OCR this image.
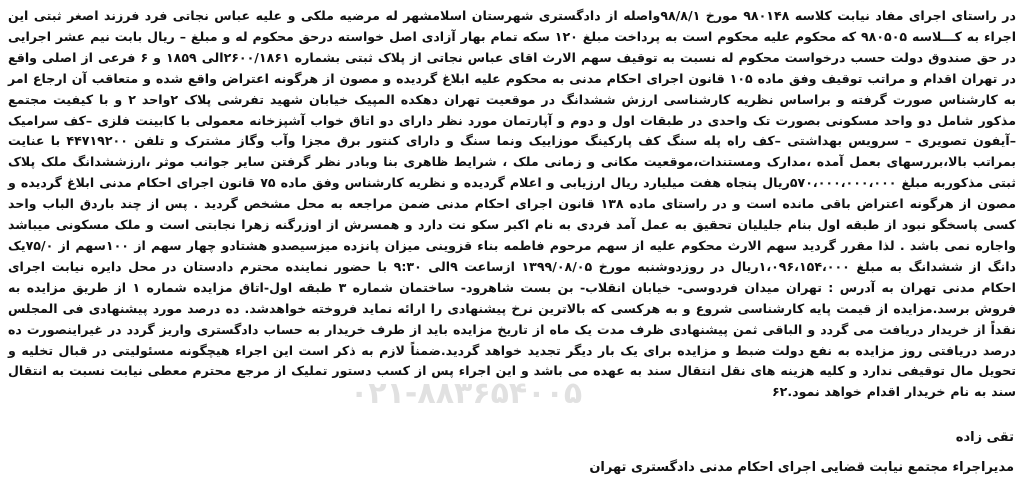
در راستای اجرای مفاد نیابت کلاسه ۹۸۰۱۴۸ مورخ ۹۸/۸/۱واصله از دادگستری شهرستان اسلامشهر له مرضیه ملکی و علیه عباس نجاتی فرد فرزند اصغر ثبتی این اجراء به کـــلاسه ۹۸۰۵۰۵ که محکوم علیه محکوم است به پرداخت مبلغ ۱۲۰ سکه تمام بهار آزادی اصل خواسته درحق محکوم له و مبلغ – ریال بابت نیم عشر اجرایی در حق صندوق دولت حسب درخواست محکوم له نسبت به توقیف سهم الارث اقای عباس نجاتی از پلاک ثبتی بشماره ۲۶۰۰/۱۸۶۱الی ۱۸۵۹ و ۶ فرعی از اصلی واقع در تهران اقدام و مراتب توقیف وفق ماده ۱۰۵ قانون اجرای احکام مدنی به محکوم علیه ابلاغ گردیده و مصون از هرگونه اعتراض واقع شده و متعاقب آن ارجاع امر به کارشناس صورت گرفته و براساس نظریه کارشناسی ارزش ششدانگ در موقعیت تهران دهکده المپیک خیابان شهید تفرشی پلاک ۲واحد ۲ و با کیفیت مجتمع مذکور شامل دو واحد مسکونی بصورت تک واحدی در طبقات اول و دوم و آپارتمان مورد نظر دارای دو اتاق خواب آشپزخانه معمولی با کابینت فلزی –کف سرامیک –آیفون تصویری – سرویس بهداشتی –کف راه پله سنگ کف پارکینگ موزاییک ونما سنگ و دارای کنتور برق مجزا وآب وگاز مشترک و تلفن ۴۴۷۱۹۲۰۰ با عنایت بمراتب بالا،بررسهای بعمل آمده ،مدارک ومستندات،موقعیت مکانی و زمانی ملک ، شرایط ظاهری بنا وبادر نظر گرفتن سایر جوانب موثر ،ارزششدانگ ملک پلاک ثبتی مذکوربه مبلغ ۵۷۰،۰۰۰،۰۰۰،۰۰۰ریال پنجاه هفت میلیارد ریال ارزیابی و اعلام گردیده و نظریه کارشناس وفق ماده ۷۵ قانون اجرای احکام مدنی ابلاغ گردیده و مصون از هرگونه اعتراض باقی مانده است و در راستای ماده ۱۳۸ قانون اجرای احکام مدنی ضمن مراجعه به محل مشخص گردید . پس از چند باردق الباب واحد کسی پاسخگو نبود از طبقه اول بنام جلیلیان تحقیق به عمل آمد فردی به نام اکبر سکو نت دارد و همسرش از اوزرگنه زهرا نجابتی است و ملک مسکونی میباشد واجاره نمی باشد . لذا مقرر گردید سهم الارث محکوم علیه از سهم مرحوم فاطمه بناء قزوینی میزان پانزده میزسیصدو هشتادو چهار سهم از ۱۰۰سهم از ۷۵/۰یک دانگ از ششدانگ به مبلغ ۱،۰۹۶،۱۵۴،۰۰۰ریال در روزدوشنبه مورخ ۱۳۹۹/۰۸/۰۵ ازساعت ۹الی ۹:۳۰ با حضور نماینده محترم دادستان در محل دایره نیابت اجرای احکام مدنی تهران به آدرس : تهران میدان فردوسی- خیابان انقلاب- بن بست شاهرود- ساختمان شماره ۳ طبقه اول-اتاق مزایده شماره ۱ از طریق مزایده به فروش برسد.مزایده از قیمت پایه کارشناسی شروع و به هرکسی که بالاترین نرخ پیشنهادی را ارائه نماید فروخته خواهدشد. ده درصد مورد پیشنهادی فی المجلس نقداً از خریدار دریافت می گردد و الباقی ثمن پیشنهادی ظرف مدت یک ماه از تاریخ مزایده باید از طرف خریدار به حساب دادگستری واریز گردد در غیراینصورت ده درصد دریافتی روز مزایده به نفع دولت ضبط و مزایده برای یک بار دیگر تجدید خواهد گردید.ضمناً لازم به ذکر است این اجراء هیچگونه مسئولیتی در قبال تخلیه و تحویل مال توقیفی ندارد و کلیه هزینه های نقل انتقال سند به عهده می باشد و این اجراء پس از کسب دستور تملیک از مرجع محترم معطی نیابت نسبت به انتقال سند به نام خریدار اقدام خواهد نمود.۶۲

۰۲۱-۸۸۳۶۵۴۰۰۵
تقی زاده
مدیراجراء مجتمع نیابت قضایی اجرای احکام مدنی دادگستری تهران
